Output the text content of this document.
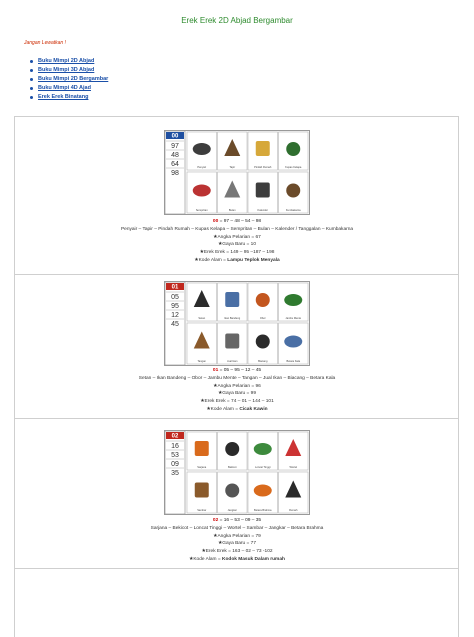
Erek Erek 2D Abjad Bergambar
Jangan Lewatkan !
Buku Mimpi 2D Abjad
Buku Mimpi 3D Abjad
Buku Mimpi 2D Bergambar
Buku Mimpi 4D Ajad
Erek Erek Binatang
00
97
48
64
98
Penyair	Tapir	Pindah Rumah	Kupas Kelapa
Sempritan	Bulan	Kalender	Kumbakarna
00 = 97 – 48 – 54 – 98
Penyair – Tapir – Pindah Rumah – Kupas Kelapa – Sempritan – Bulan – Kalender / Tanggalan – Kumbakarna
★Angka Pelarian = 67
★Gaya Baru = 10
★Erek Erek = 149 – 95 –187 – 198
★Kode Alam = Lampu Teplok Menyala
01
05
95
12
45
Setan	Ikan Bandeng	Obor	Jambu Mente
Tangan	Jual Ikan	Biacang	Betara Kala
01 = 05 – 95 – 12 – 45
Setan – Ikan Bandeng – Obor – Jambu Mente – Tangan – Jual Ikan – Biacang – Betara Kala
★Angka Pelarian = 96
★Gaya Baru = 99
★Erek Erek = 74 – 01 – 144 – 101
★Kode Alam = Cicak Kawin
02
16
53
09
35
Sarjana	Bekicot	Loncat Tinggi	Wortel
Sambar	Jangkar	Betara Brahma	Rumah
02 = 16 – 53 – 09 – 35
Sarjana – Bekicot – Loncat Tinggi – Wortel – Sambar – Jangkar – Betara Brahma
★Angka Pelarian = 79
★Gaya Baru = 77
★Erek Erek = 163 – 02 – 73 -102
★Kode Alam = Kodok Masuk Dalam rumah
